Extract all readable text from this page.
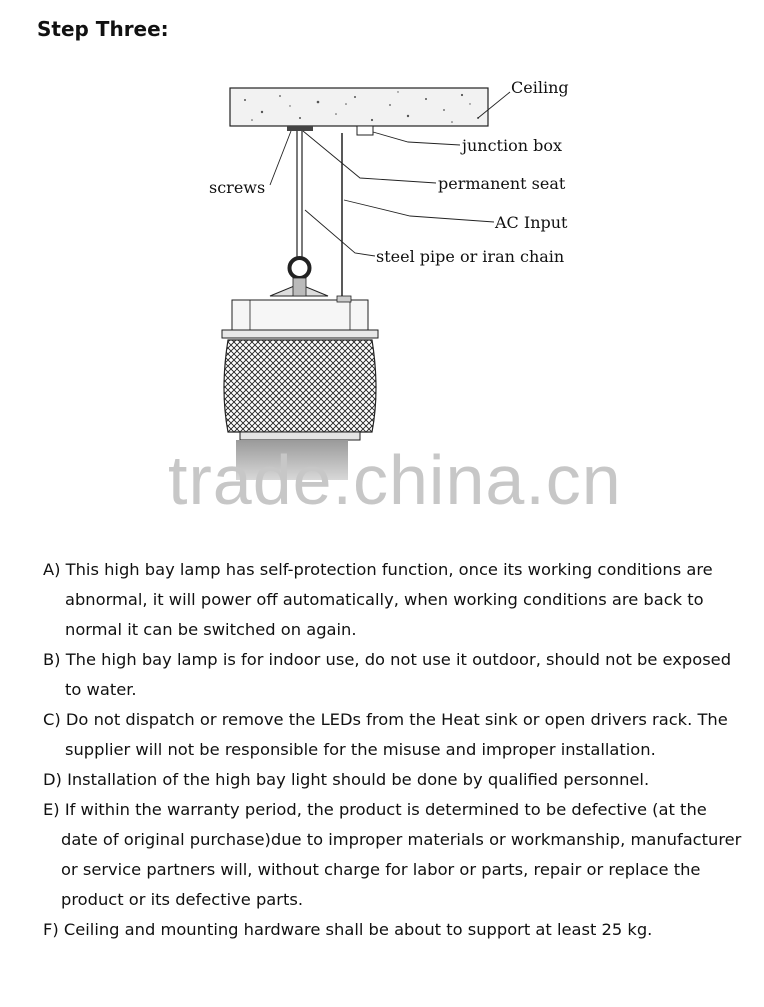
Step Three:
Ceiling
junction box
screws	permanent seat
AC Input
steel pipe or iran chain
trade.china.cn

A) This high bay lamp has self-protection function, once its working conditions are abnormal, it will power off automatically, when working conditions are back to normal it can be switched on again.

B) The high bay lamp is for indoor use, do not use it outdoor, should not be exposed to water.

C) Do not dispatch or remove the LEDs from the Heat sink or open drivers rack. The supplier will not be responsible for the misuse and improper installation.

D) Installation of the high bay light should be done by qualified personnel.

E) If within the warranty period, the product is determined to be defective (at the date of original purchase)due to improper materials or workmanship, manufacturer or service partners will, without charge for labor or parts, repair or replace the product or its defective parts.

F) Ceiling and mounting hardware shall be about to support at least 25 kg.
